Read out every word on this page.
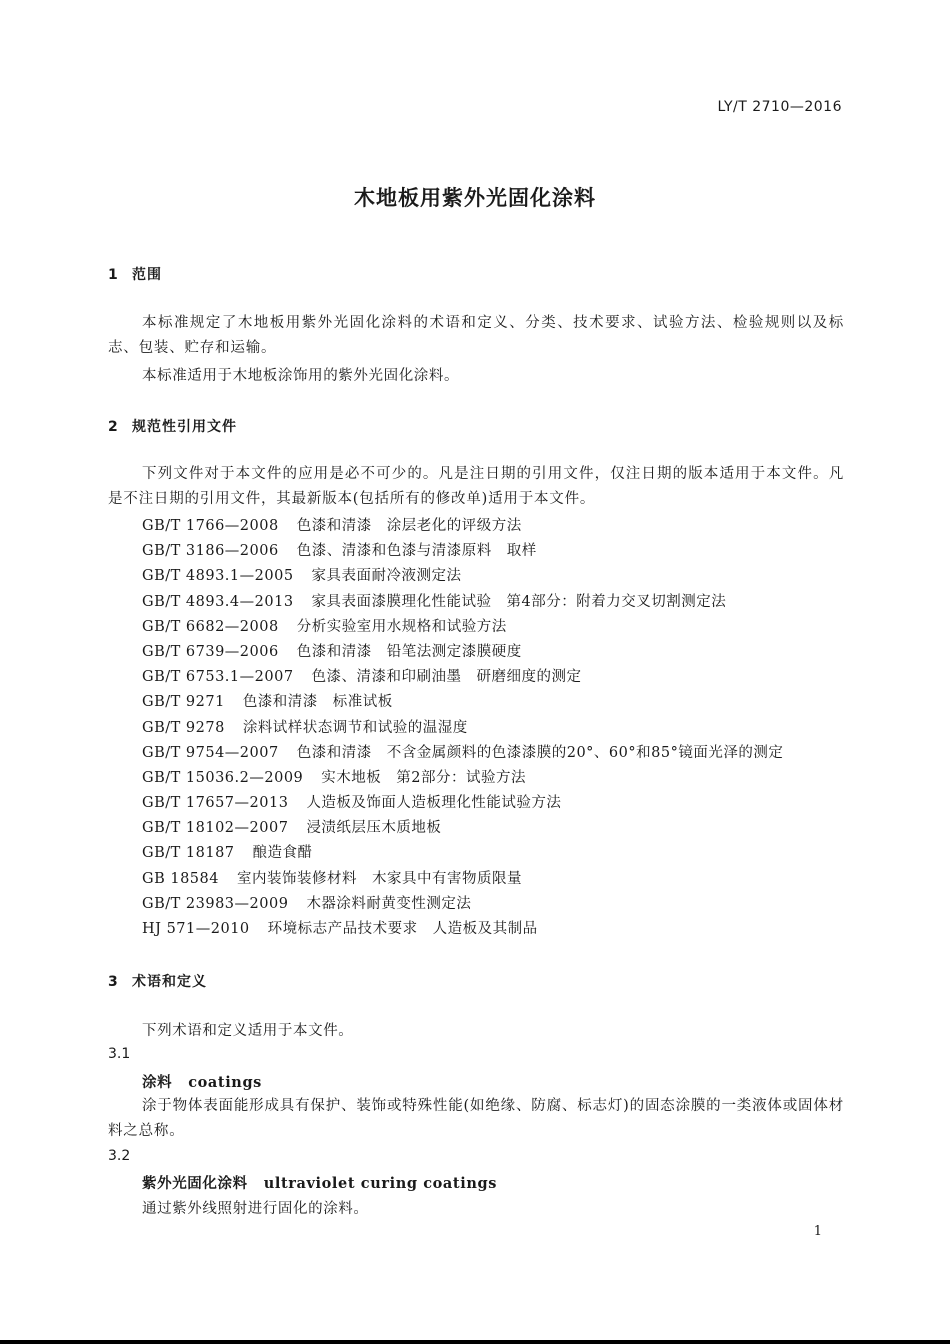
LY/T 2710—2016
木地板用紫外光固化涂料
1 范围
本标准规定了木地板用紫外光固化涂料的术语和定义、分类、技术要求、试验方法、检验规则以及标志、包装、贮存和运输。
本标准适用于木地板涂饰用的紫外光固化涂料。
2 规范性引用文件
下列文件对于本文件的应用是必不可少的。凡是注日期的引用文件，仅注日期的版本适用于本文件。凡是不注日期的引用文件，其最新版本(包括所有的修改单)适用于本文件。
GB/T 1766—2008 色漆和清漆　涂层老化的评级方法
GB/T 3186—2006 色漆、清漆和色漆与清漆原料　取样
GB/T 4893.1—2005 家具表面耐冷液测定法
GB/T 4893.4—2013 家具表面漆膜理化性能试验　第4部分：附着力交叉切割测定法
GB/T 6682—2008 分析实验室用水规格和试验方法
GB/T 6739—2006 色漆和清漆　铅笔法测定漆膜硬度
GB/T 6753.1—2007 色漆、清漆和印刷油墨　研磨细度的测定
GB/T 9271 色漆和清漆　标准试板
GB/T 9278 涂料试样状态调节和试验的温湿度
GB/T 9754—2007 色漆和清漆　不含金属颜料的色漆漆膜的20°、60°和85°镜面光泽的测定
GB/T 15036.2—2009 实木地板　第2部分：试验方法
GB/T 17657—2013 人造板及饰面人造板理化性能试验方法
GB/T 18102—2007 浸渍纸层压木质地板
GB/T 18187 酿造食醋
GB 18584 室内装饰装修材料　木家具中有害物质限量
GB/T 23983—2009 木器涂料耐黄变性测定法
HJ 571—2010 环境标志产品技术要求　人造板及其制品
3 术语和定义
下列术语和定义适用于本文件。
3.1
涂料 coatings
涂于物体表面能形成具有保护、装饰或特殊性能(如绝缘、防腐、标志灯)的固态涂膜的一类液体或固体材料之总称。
3.2
紫外光固化涂料 ultraviolet curing coatings
通过紫外线照射进行固化的涂料。
1
